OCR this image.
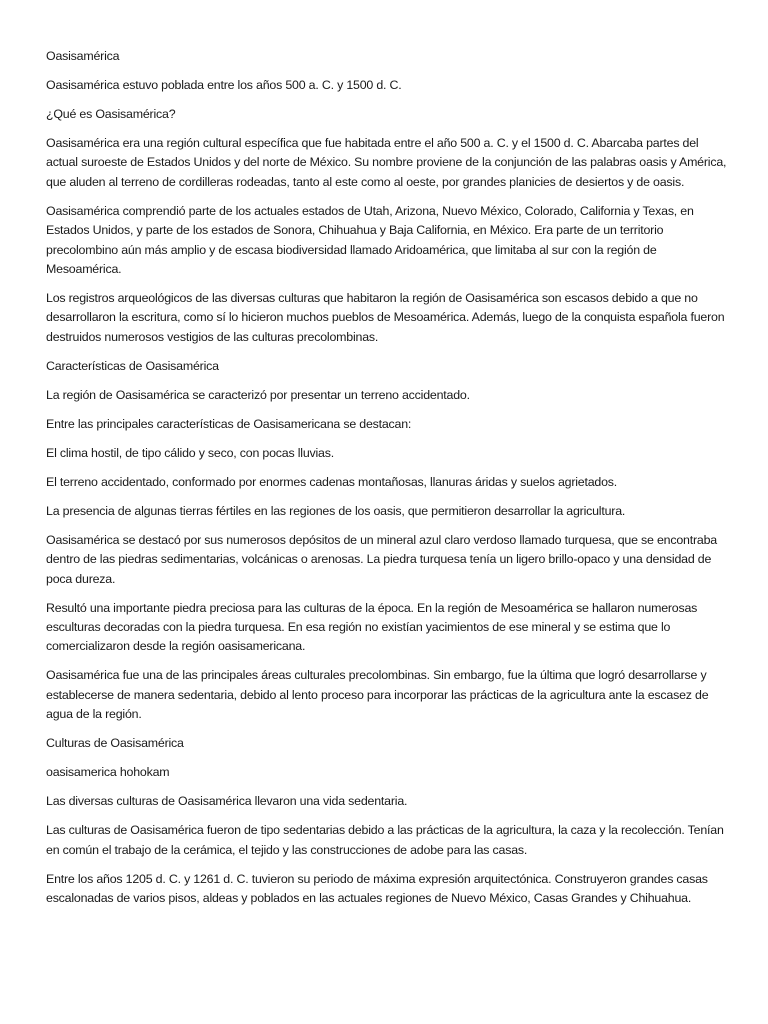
Oasisamérica

Oasisamérica estuvo poblada entre los años 500 a. C. y 1500 d. C.

¿Qué es Oasisamérica?

Oasisamérica era una región cultural específica que fue habitada entre el año 500 a. C. y el 1500 d. C. Abarcaba partes del actual suroeste de Estados Unidos y del norte de México. Su nombre proviene de la conjunción de las palabras oasis y América, que aluden al terreno de cordilleras rodeadas, tanto al este como al oeste, por grandes planicies de desiertos y de oasis.

Oasisamérica comprendió parte de los actuales estados de Utah, Arizona, Nuevo México, Colorado, California y Texas, en Estados Unidos, y parte de los estados de Sonora, Chihuahua y Baja California, en México. Era parte de un territorio precolombino aún más amplio y de escasa biodiversidad llamado Aridoamérica, que limitaba al sur con la región de Mesoamérica.

Los registros arqueológicos de las diversas culturas que habitaron la región de Oasisamérica son escasos debido a que no desarrollaron la escritura, como sí lo hicieron muchos pueblos de Mesoamérica. Además, luego de la conquista española fueron destruidos numerosos vestigios de las culturas precolombinas.

Características de Oasisamérica

La región de Oasisamérica se caracterizó por presentar un terreno accidentado.

Entre las principales características de Oasisamericana se destacan:

El clima hostil, de tipo cálido y seco, con pocas lluvias.

El terreno accidentado, conformado por enormes cadenas montañosas, llanuras áridas y suelos agrietados.

La presencia de algunas tierras fértiles en las regiones de los oasis, que permitieron desarrollar la agricultura.

Oasisamérica se destacó por sus numerosos depósitos de un mineral azul claro verdoso llamado turquesa, que se encontraba dentro de las piedras sedimentarias, volcánicas o arenosas. La piedra turquesa tenía un ligero brillo-opaco y una densidad de poca dureza.

Resultó una importante piedra preciosa para las culturas de la época. En la región de Mesoamérica se hallaron numerosas esculturas decoradas con la piedra turquesa. En esa región no existían yacimientos de ese mineral y se estima que lo comercializaron desde la región oasisamericana.

Oasisamérica fue una de las principales áreas culturales precolombinas. Sin embargo, fue la última que logró desarrollarse y establecerse de manera sedentaria, debido al lento proceso para incorporar las prácticas de la agricultura ante la escasez de agua de la región.

Culturas de Oasisamérica

oasisamerica hohokam

Las diversas culturas de Oasisamérica llevaron una vida sedentaria.

Las culturas de Oasisamérica fueron de tipo sedentarias debido a las prácticas de la agricultura, la caza y la recolección. Tenían en común el trabajo de la cerámica, el tejido y las construcciones de adobe para las casas.

Entre los años 1205 d. C. y 1261 d. C. tuvieron su periodo de máxima expresión arquitectónica. Construyeron grandes casas escalonadas de varios pisos, aldeas y poblados en las actuales regiones de Nuevo México, Casas Grandes y Chihuahua.
